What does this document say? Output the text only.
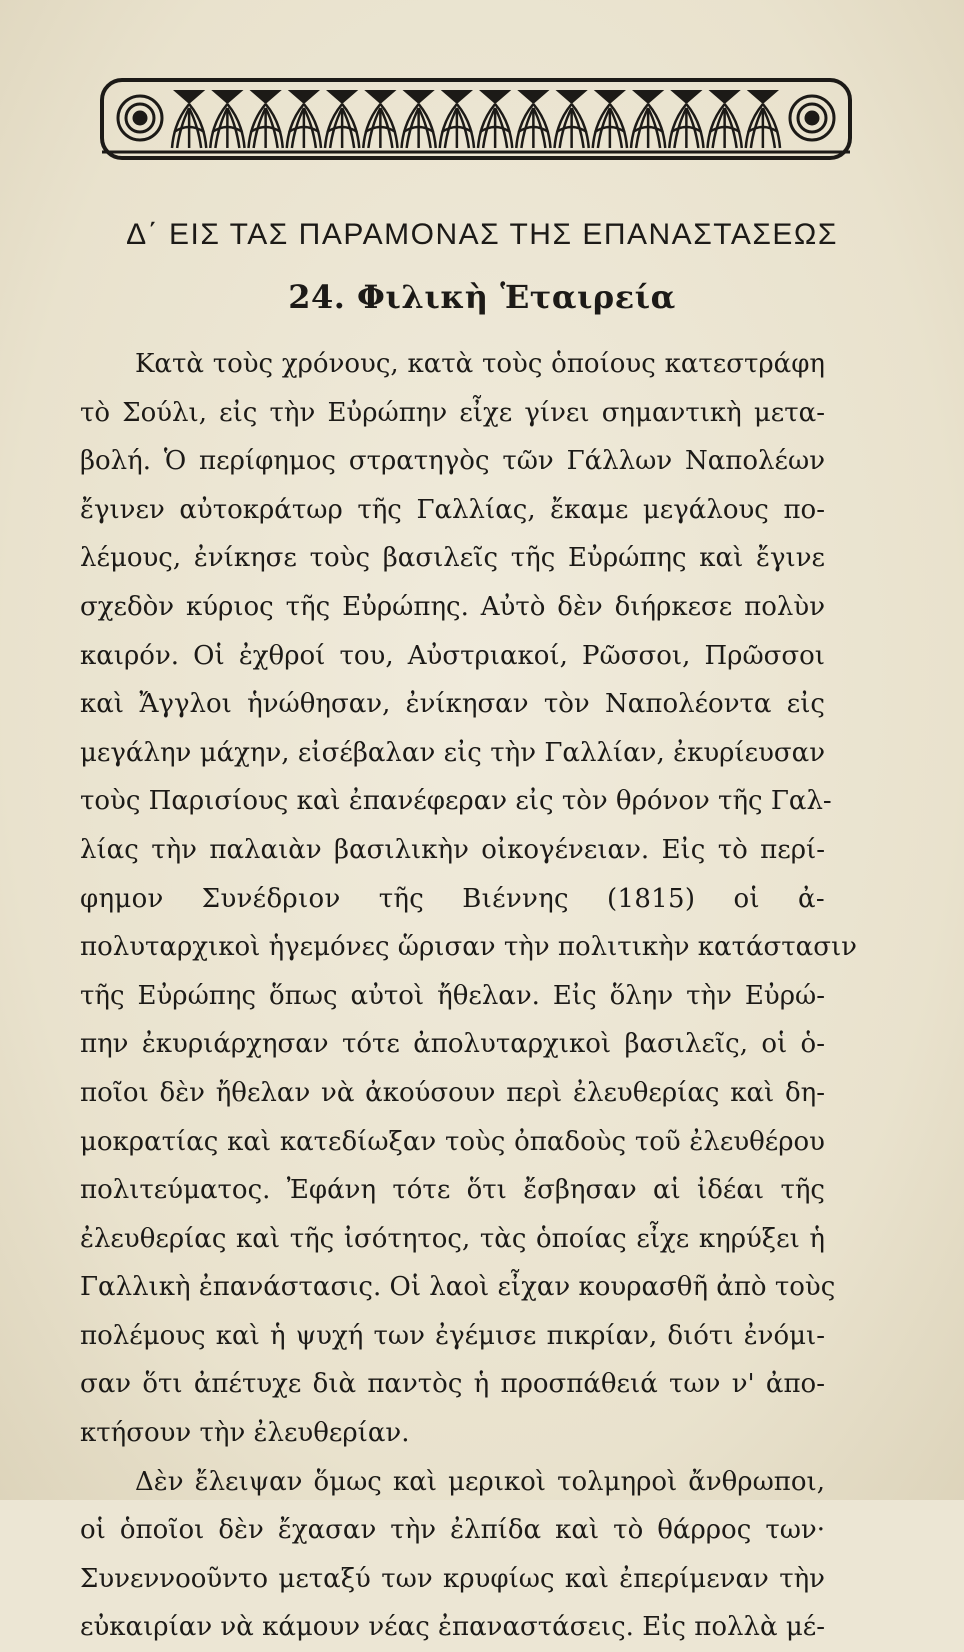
Δ΄ ΕΙΣ ΤΑΣ ΠΑΡΑΜΟΝΑΣ ΤΗΣ ΕΠΑΝΑΣΤΑΣΕΩΣ
24. Φιλικὴ Ἑταιρεία
Κατὰ τοὺς χρόνους, κατὰ τοὺς ὁποίους κατεστράφη
τὸ Σούλι, εἰς τὴν Εὐρώπην εἶχε γίνει σημαντικὴ μετα-
βολή. Ὁ περίφημος στρατηγὸς τῶν Γάλλων Ναπολέων
ἔγινεν αὐτοκράτωρ τῆς Γαλλίας, ἔκαμε μεγάλους πο-
λέμους, ἐνίκησε τοὺς βασιλεῖς τῆς Εὐρώπης καὶ ἔγινε
σχεδὸν κύριος τῆς Εὐρώπης. Αὐτὸ δὲν διήρκεσε πολὺν
καιρόν. Οἱ ἐχθροί του, Αὐστριακοί, Ρῶσσοι, Πρῶσσοι
καὶ Ἄγγλοι ἡνώθησαν, ἐνίκησαν τὸν Ναπολέοντα εἰς
μεγάλην μάχην, εἰσέβαλαν εἰς τὴν Γαλλίαν, ἐκυρίευσαν
τοὺς Παρισίους καὶ ἐπανέφεραν εἰς τὸν θρόνον τῆς Γαλ-
λίας τὴν παλαιὰν βασιλικὴν οἰκογένειαν. Εἰς τὸ περί-
φημον Συνέδριον τῆς Βιέννης (1815) οἱ ἀ-
πολυταρχικοὶ ἡγεμόνες ὥρισαν τὴν πολιτικὴν κατάστασιν
τῆς Εὐρώπης ὅπως αὐτοὶ ἤθελαν. Εἰς ὅλην τὴν Εὐρώ-
πην ἐκυριάρχησαν τότε ἀπολυταρχικοὶ βασιλεῖς, οἱ ὁ-
ποῖοι δὲν ἤθελαν νὰ ἀκούσουν περὶ ἐλευθερίας καὶ δη-
μοκρατίας καὶ κατεδίωξαν τοὺς ὀπαδοὺς τοῦ ἐλευθέρου
πολιτεύματος. Ἐφάνη τότε ὅτι ἔσβησαν αἱ ἰδέαι τῆς
ἐλευθερίας καὶ τῆς ἰσότητος, τὰς ὁποίας εἶχε κηρύξει ἡ
Γαλλικὴ ἐπανάστασις. Οἱ λαοὶ εἶχαν κουρασθῆ ἀπὸ τοὺς
πολέμους καὶ ἡ ψυχή των ἐγέμισε πικρίαν, διότι ἐνόμι-
σαν ὅτι ἀπέτυχε διὰ παντὸς ἡ προσπάθειά των ν' ἀπο-
κτήσουν τὴν ἐλευθερίαν.
Δὲν ἔλειψαν ὅμως καὶ μερικοὶ τολμηροὶ ἄνθρωποι,
οἱ ὁποῖοι δὲν ἔχασαν τὴν ἐλπίδα καὶ τὸ θάρρος των·
Συνεννοοῦντο μεταξύ των κρυφίως καὶ ἐπερίμεναν τὴν
εὐκαιρίαν νὰ κάμουν νέας ἐπαναστάσεις. Εἰς πολλὰ μέ-
